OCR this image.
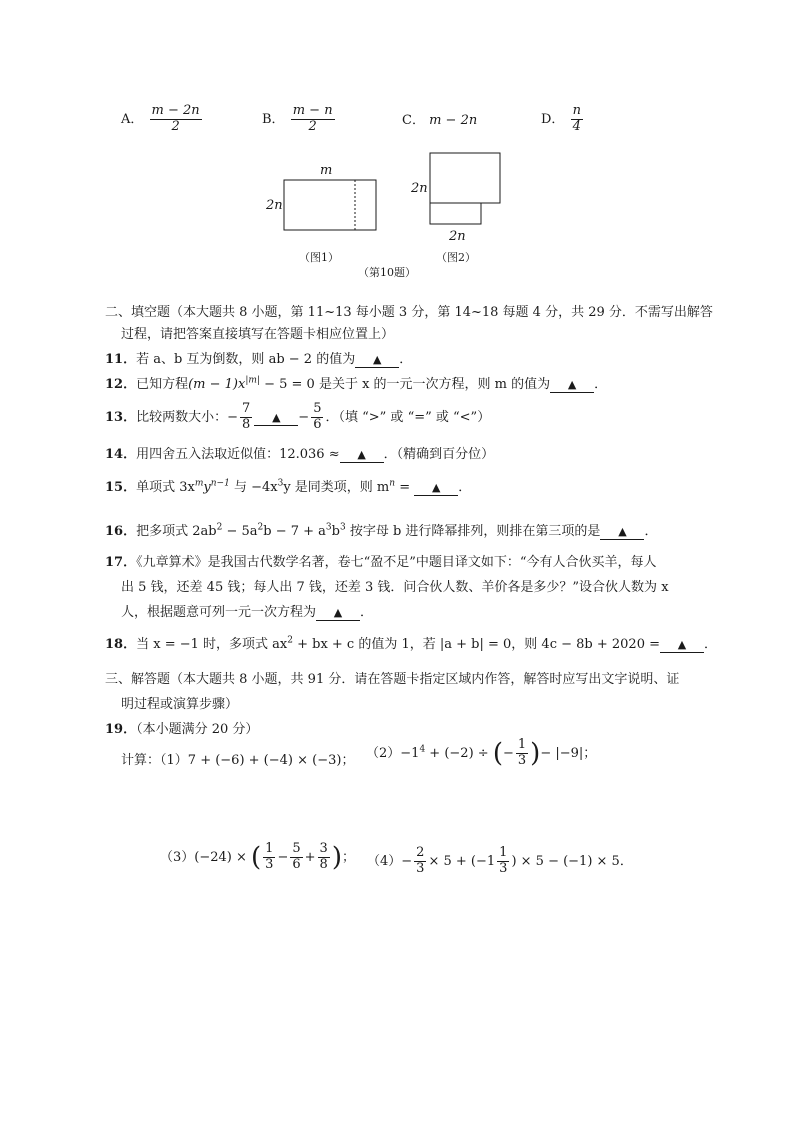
A． $\frac{m - 2n}{2}$	B． $\frac{m - n}{2}$	C． m − 2n	D． $\frac{n}{4}$
m
2n
2n
2n
（图1）	（图2）
（第10题）
二、填空题（本大题共 8 小题，第 11~13 每小题 3 分，第 14~18 每题 4 分，共 29 分．不需写出解答
过程，请把答案直接填写在答题卡相应位置上）
11．若 a、b 互为倒数，则 ab − 2 的值为 ▲ ．
12．已知方程$(m - 1)x^{|m|} - 5 = 0$ 是关于 x 的一元一次方程，则 m 的值为 ▲ ．
13．比较两数大小：− $\frac{7}{8}$ ▲ − $\frac{5}{6}$ ．（填 “>” 或 “=” 或 “<”）
14．用四舍五入法取近似值：12.036 ≈ ▲ ．（精确到百分位）
15．单项式 $3x^my^{n-1}$ 与 $-4x^3y$ 是同类项，则 $m^n$ = ▲ ．
16．把多项式 $2ab^2 - 5a^2b - 7 + a^3b^3$ 按字母 b 进行降幂排列，则排在第三项的是 ▲ ．
17．《九章算术》是我国古代数学名著，卷七“盈不足”中题目译文如下：“今有人合伙买羊，每人
出 5 钱，还差 45 钱；每人出 7 钱，还差 3 钱．问合伙人数、羊价各是多少？”设合伙人数为 x
人，根据题意可列一元一次方程为 ▲ ．
18．当 x = −1 时，多项式 $ax^2$ + bx + c 的值为 1，若 |a + b| = 0，则 4c − 8b + 2020 = ▲ ．
三、解答题（本大题共 8 小题，共 91 分．请在答题卡指定区域内作答，解答时应写出文字说明、证
明过程或演算步骤）
19．（本小题满分 20 分）
计算：（1）7 + (−6) + (−4) × (−3)； $(2)-1^4 + (-2)$ ÷ (− $\frac{1}{3}$ )− |−9|；
（3）(−24) × ( $\frac{1}{3} - \frac{5}{6} + \frac{3}{8}$ )； $(4)- \frac{2}{3} \times 5 + (-1 \frac{1}{3}$ ) × 5 − (−1) × 5．
